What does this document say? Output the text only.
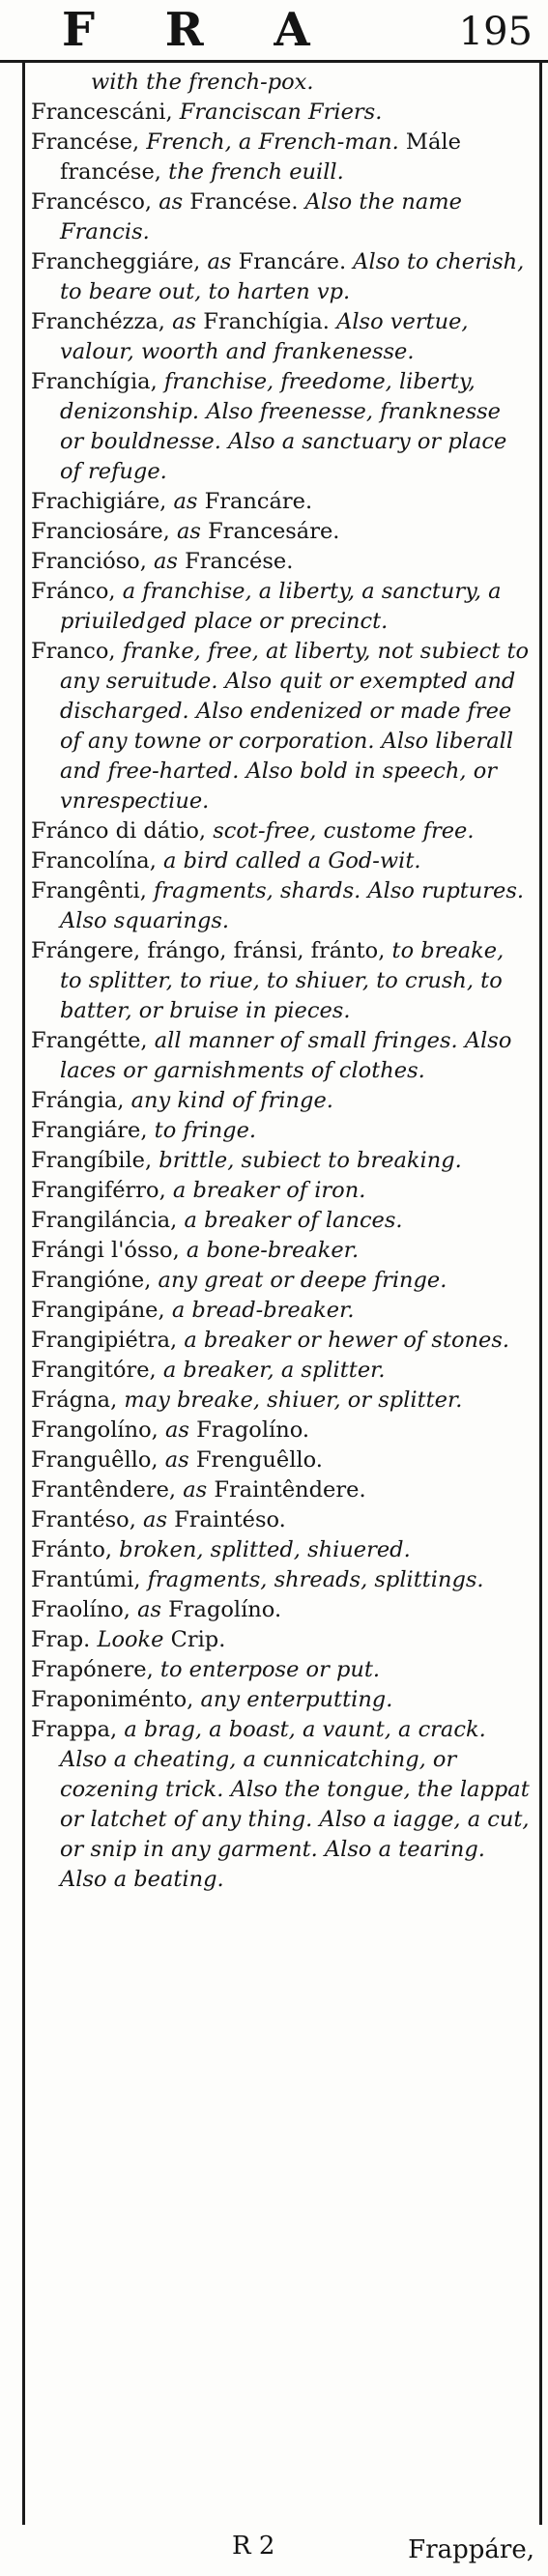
F R A	195

with the french-pox.

Francescáni, Franciscan Friers.

Francése, French, a French-man. Mále francése, the french euill.

Francésco, as Francése. Also the name Francis.

Francheggiáre, as Francáre. Also to cherish, to beare out, to harten vp.

Franchézza, as Franchígia. Also vertue, valour, woorth and frankenesse.

Franchígia, franchise, freedome, liberty, denizonship. Also freenesse, franknesse or bouldnesse. Also a sanctuary or place of refuge.

Frachigiáre, as Francáre.

Franciosáre, as Francesáre.

Francióso, as Francése.

Fránco, a franchise, a liberty, a sanctury, a priuiledged place or precinct.

Franco, franke, free, at liberty, not subiect to any seruitude. Also quit or exempted and discharged. Also endenized or made free of any towne or corporation. Also liberall and free-harted. Also bold in speech, or vnrespectiue.

Fránco di dátio, scot-free, custome free.

Francolína, a bird called a God-wit.

Frangênti, fragments, shards. Also ruptures. Also squarings.

Frángere, frángo, fránsi, fránto, to breake, to splitter, to riue, to shiuer, to crush, to batter, or bruise in pieces.

Frangétte, all manner of small fringes. Also laces or garnishments of clothes.

Frángia, any kind of fringe.

Frangiáre, to fringe.

Frangíbile, brittle, subiect to breaking.

Frangiférro, a breaker of iron.

Frangiláncia, a breaker of lances.

Frángi l'ósso, a bone-breaker.

Frangióne, any great or deepe fringe.

Frangipáne, a bread-breaker.

Frangipiétra, a breaker or hewer of stones.

Frangitóre, a breaker, a splitter.

Frágna, may breake, shiuer, or splitter.

Frangolíno, as Fragolíno.

Franguêllo, as Frenguêllo.

Frantêndere, as Fraintêndere.

Frantéso, as Fraintéso.

Fránto, broken, splitted, shiuered.

Frantúmi, fragments, shreads, splittings.

Fraolíno, as Fragolíno.

Frap. Looke Crip.

Frapónere, to enterpose or put.

Fraponiménto, any enterputting.

Frappa, a brag, a boast, a vaunt, a crack. Also a cheating, a cunnicatching, or cozening trick. Also the tongue, the lappat or latchet of any thing. Also a iagge, a cut, or snip in any garment. Also a tearing. Also a beating.

R 2	Frappáre,
